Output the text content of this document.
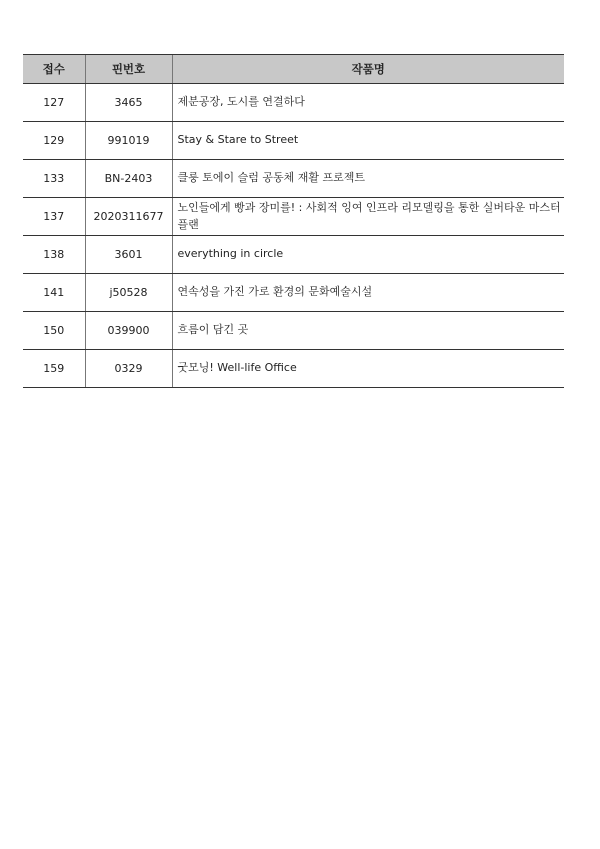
접수	핀번호	작품명
127	3465	제분공장, 도시를 연결하다
129	991019	Stay & Stare to Street
133	BN-2403	클룽 토에이 슬럼 공동체 재활 프로젝트
137	2020311677	노인들에게 빵과 장미를! : 사회적 잉여 인프라 리모델링을 통한 실버타운 마스터플랜
138	3601	everything in circle
141	j50528	연속성을 가진 가로 환경의 문화예술시설
150	039900	흐름이 담긴 곳
159	0329	굿모닝! Well-life Office
